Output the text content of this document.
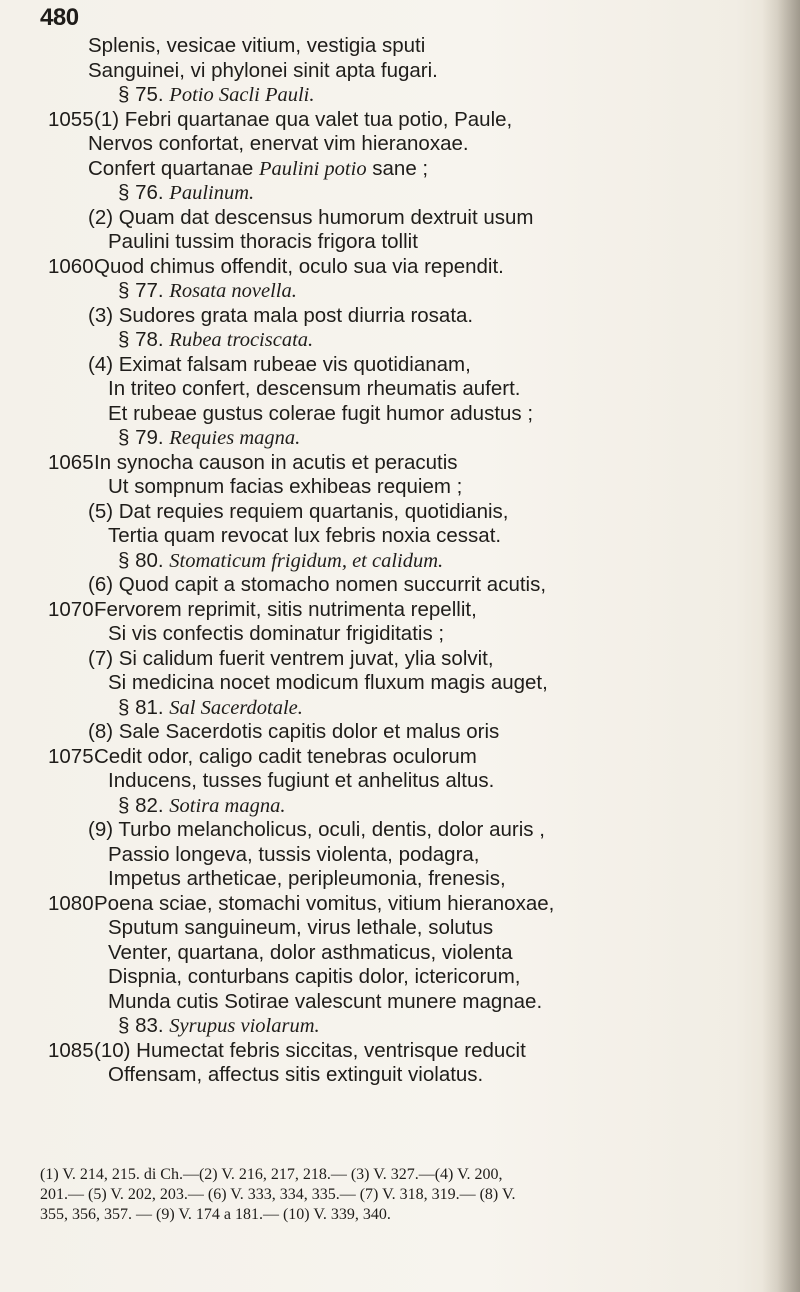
480
Splenis, vesicae vitium, vestigia sputi
Sanguinei, vi phylonei sinit apta fugari.
§ 75. Potio Sacli Pauli.
1055 (1) Febri quartanae qua valet tua potio, Paule,
Nervos confortat, enervat vim hieranoxae.
Confert quartanae Paulini potio sane ;
§ 76. Paulinum.
(2) Quam dat descensus humorum dextruit usum
Paulini tussim thoracis frigora tollit
1060 Quod chimus offendit, oculo sua via rependit.
§ 77. Rosata novella.
(3) Sudores grata mala post diurria rosata.
§ 78. Rubea trociscata.
(4) Eximat falsam rubeae vis quotidianam,
In triteo confert, descensum rheumatis aufert.
Et rubeae gustus colerae fugit humor adustus ;
§ 79. Requies magna.
1065 In synocha causon in acutis et peracutis
Ut sompnum facias exhibeas requiem ;
(5) Dat requies requiem quartanis, quotidianis,
Tertia quam revocat lux febris noxia cessat.
§ 80. Stomaticum frigidum, et calidum.
(6) Quod capit a stomacho nomen succurrit acutis,
1070 Fervorem reprimit, sitis nutrimenta repellit,
Si vis confectis dominatur frigiditatis ;
(7) Si calidum fuerit ventrem juvat, ylia solvit,
Si medicina nocet modicum fluxum magis auget,
§ 81. Sal Sacerdotale.
(8) Sale Sacerdotis capitis dolor et malus oris
1075 Cedit odor, caligo cadit tenebras oculorum
Inducens, tusses fugiunt et anhelitus altus.
§ 82. Sotira magna.
(9) Turbo melancholicus, oculi, dentis, dolor auris ,
Passio longeva, tussis violenta, podagra,
Impetus artheticae, peripleumonia, frenesis,
1080 Poena sciae, stomachi vomitus, vitium hieranoxae,
Sputum sanguineum, virus lethale, solutus
Venter, quartana, dolor asthmaticus, violenta
Dispnia, conturbans capitis dolor, ictericorum,
Munda cutis Sotirae valescunt munere magnae.
§ 83. Syrupus violarum.
1085 (10) Humectat febris siccitas, ventrisque reducit
Offensam, affectus sitis extinguit violatus.
(1) V. 214, 215. di Ch.—(2) V. 216, 217, 218.— (3) V. 327.—(4) V. 200,
201.— (5) V. 202, 203.— (6) V. 333, 334, 335.— (7) V. 318, 319.— (8) V.
355, 356, 357. — (9) V. 174 a 181.— (10) V. 339, 340.
